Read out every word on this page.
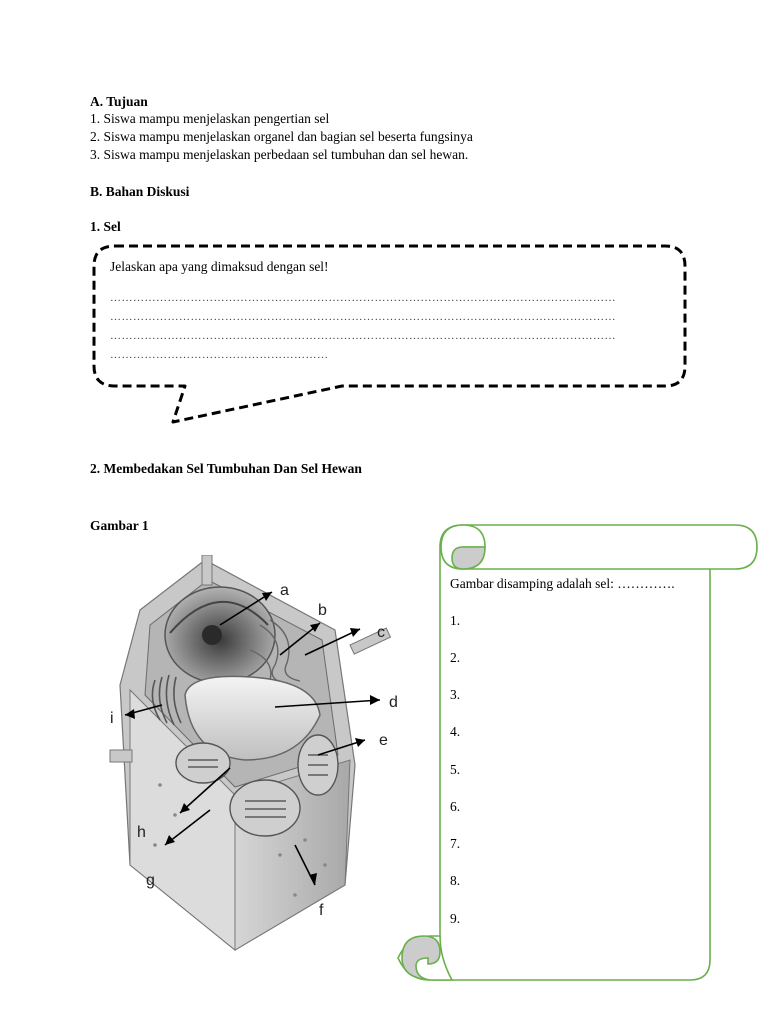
A. Tujuan
1. Siswa mampu menjelaskan pengertian sel
2. Siswa mampu menjelaskan organel dan bagian sel beserta fungsinya
3. Siswa mampu menjelaskan perbedaan sel tumbuhan dan sel hewan.
B. Bahan Diskusi
1. Sel
Jelaskan apa yang dimaksud dengan sel!
……………………………………………………………………………………………………………………
……………………………………………………………………………………………………………………
……………………………………………………………………………………………………………………
…………………………………………………
2. Membedakan Sel Tumbuhan Dan Sel Hewan
Gambar 1
a
b
c
d
e
f
g
h
i
Gambar disamping adalah sel: ………….
1.
2.
3.
4.
5.
6.
7.
8.
9.
